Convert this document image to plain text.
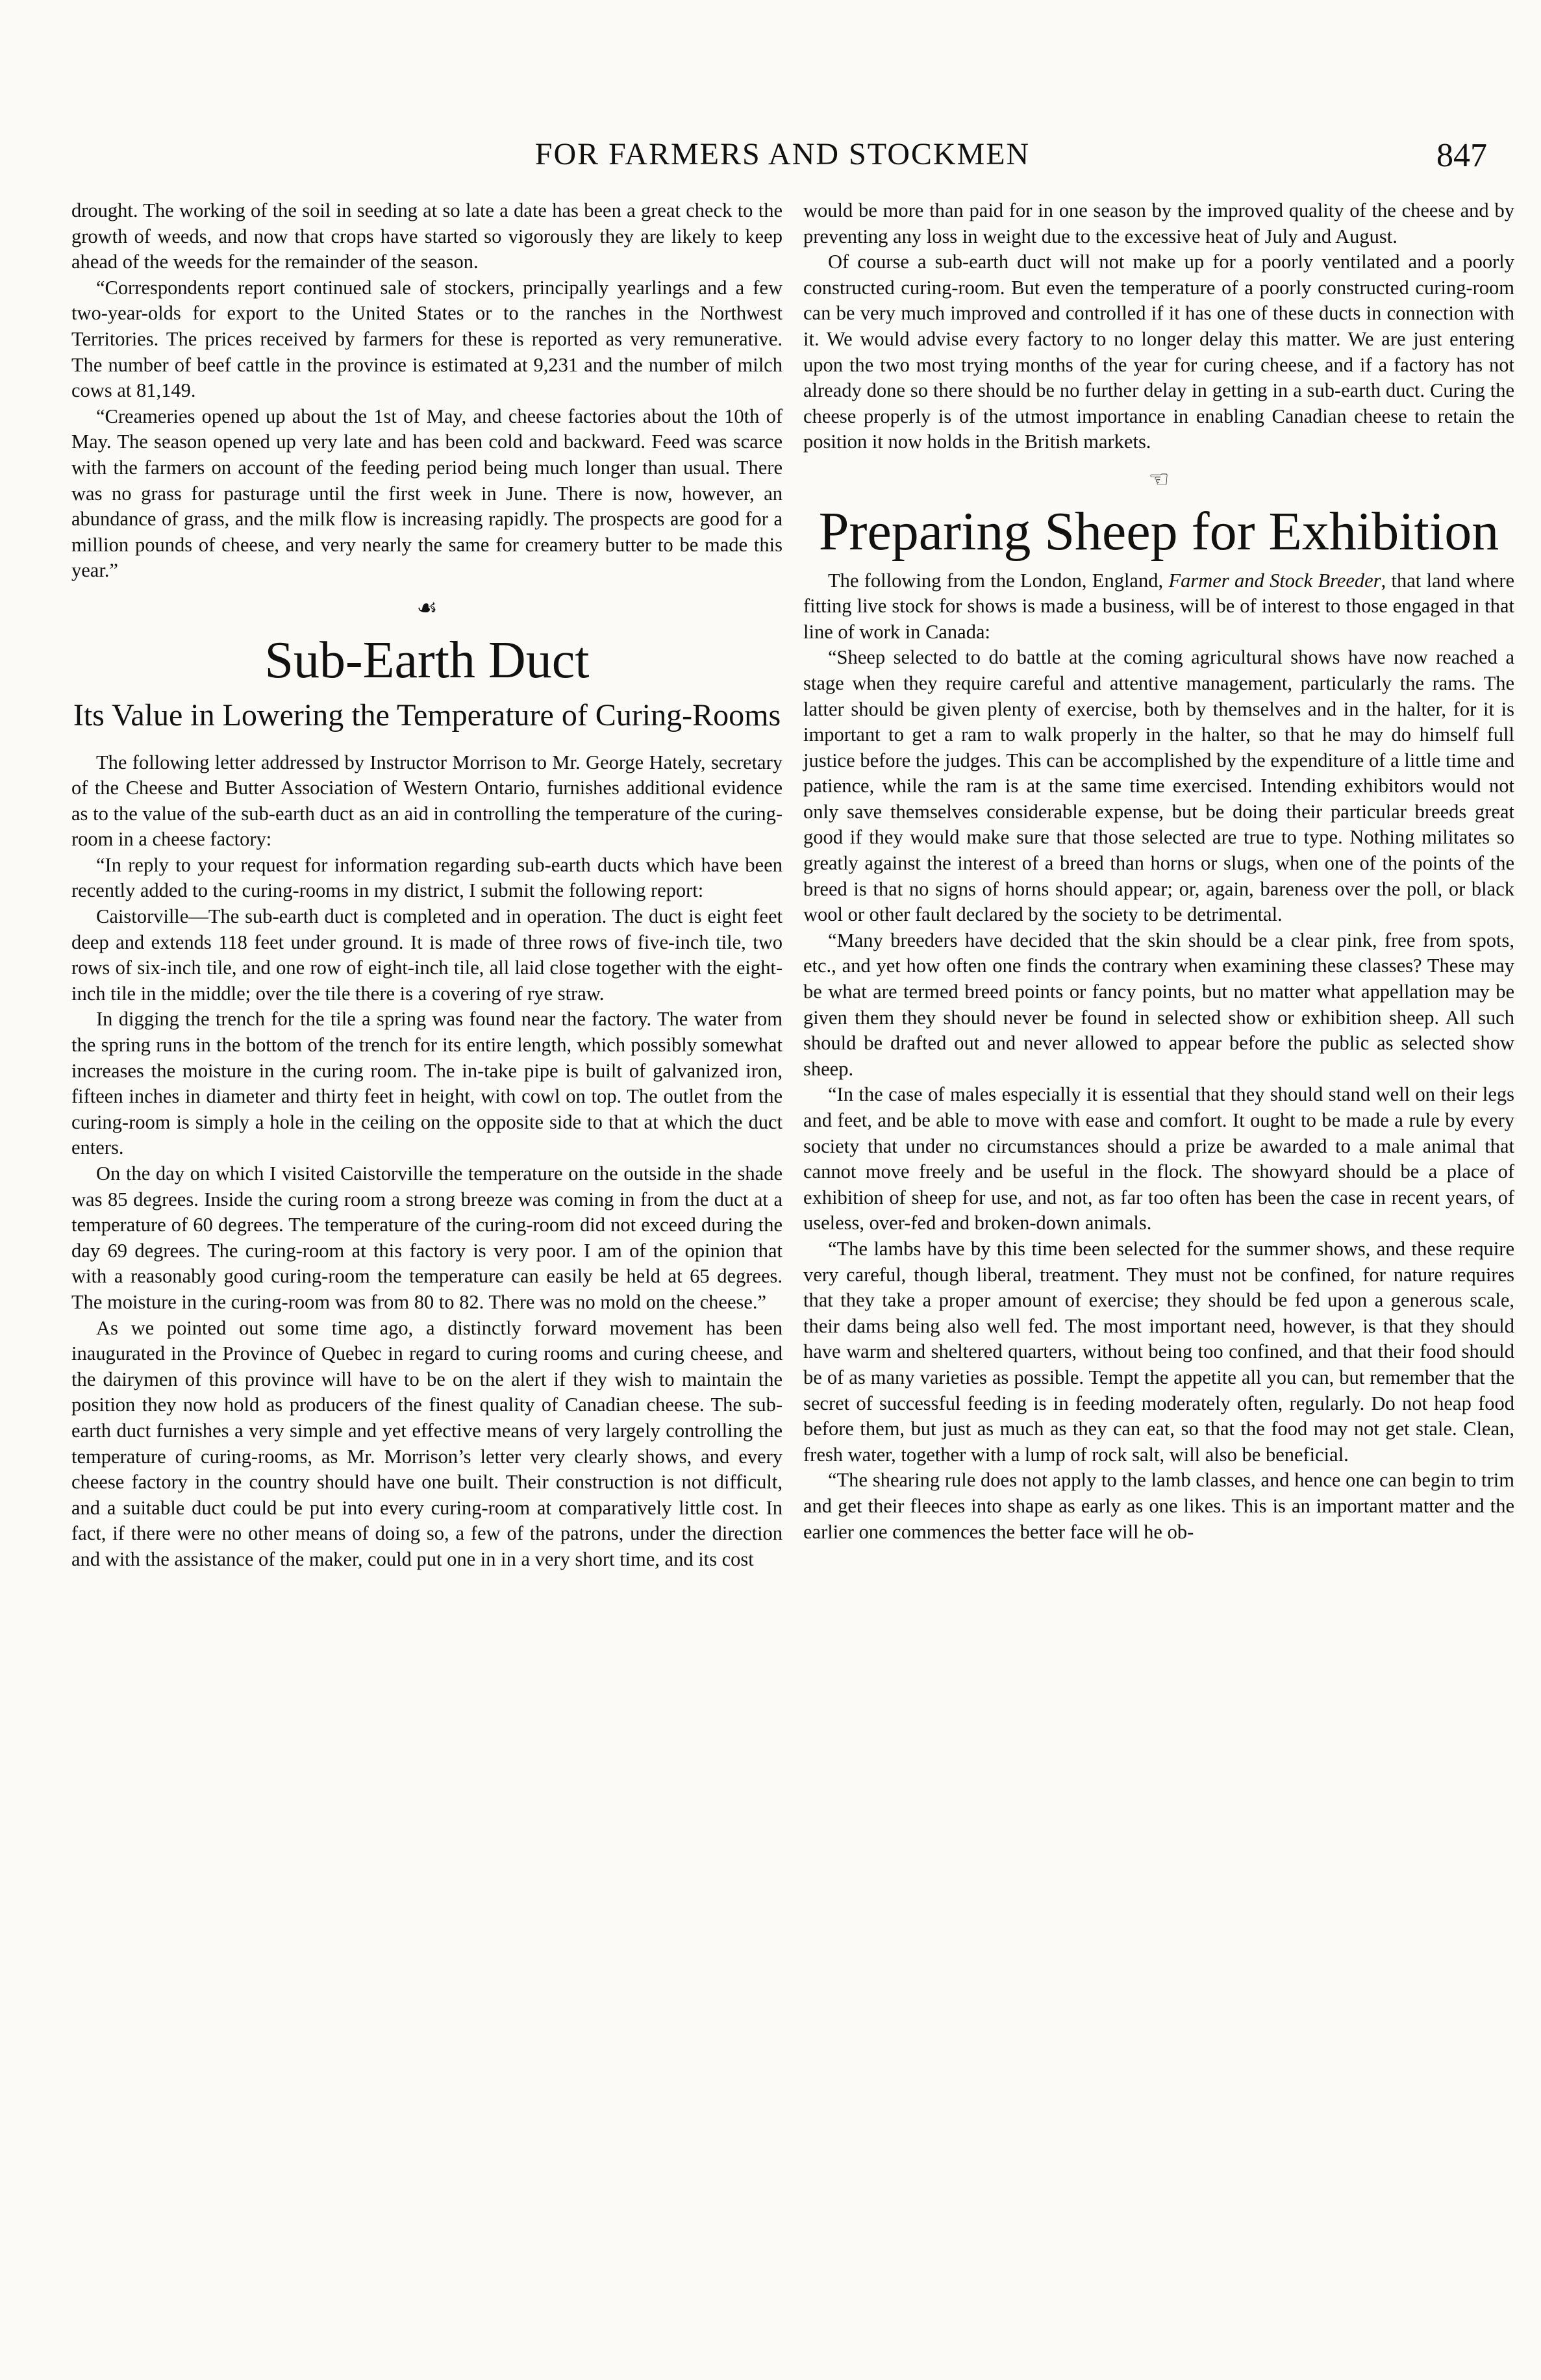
FOR FARMERS AND STOCKMEN	847

drought. The working of the soil in seeding at so late a date has been a great check to the growth of weeds, and now that crops have started so vigorously they are likely to keep ahead of the weeds for the remainder of the season.

“Correspondents report continued sale of stockers, principally yearlings and a few two-year-olds for export to the United States or to the ranches in the Northwest Territories. The prices received by farmers for these is reported as very remunerative. The number of beef cattle in the province is estimated at 9,231 and the number of milch cows at 81,149.

“Creameries opened up about the 1st of May, and cheese factories about the 10th of May. The season opened up very late and has been cold and backward. Feed was scarce with the farmers on account of the feeding period being much longer than usual. There was no grass for pasturage until the first week in June. There is now, however, an abundance of grass, and the milk flow is increasing rapidly. The prospects are good for a million pounds of cheese, and very nearly the same for creamery butter to be made this year.”

☙
Sub-Earth Duct
Its Value in Lowering the Temperature of Curing-Rooms

The following letter addressed by Instructor Morrison to Mr. George Hately, secretary of the Cheese and Butter Association of Western Ontario, furnishes additional evidence as to the value of the sub-earth duct as an aid in controlling the temperature of the curing-room in a cheese factory:

“In reply to your request for information regarding sub-earth ducts which have been recently added to the curing-rooms in my district, I submit the following report:

Caistorville—The sub-earth duct is completed and in operation. The duct is eight feet deep and extends 118 feet under ground. It is made of three rows of five-inch tile, two rows of six-inch tile, and one row of eight-inch tile, all laid close together with the eight-inch tile in the middle; over the tile there is a covering of rye straw.

In digging the trench for the tile a spring was found near the factory. The water from the spring runs in the bottom of the trench for its entire length, which possibly somewhat increases the moisture in the curing room. The in-take pipe is built of galvanized iron, fifteen inches in diameter and thirty feet in height, with cowl on top. The outlet from the curing-room is simply a hole in the ceiling on the opposite side to that at which the duct enters.

On the day on which I visited Caistorville the temperature on the outside in the shade was 85 degrees. Inside the curing room a strong breeze was coming in from the duct at a temperature of 60 degrees. The temperature of the curing-room did not exceed during the day 69 degrees. The curing-room at this factory is very poor. I am of the opinion that with a reasonably good curing-room the temperature can easily be held at 65 degrees. The moisture in the curing-room was from 80 to 82. There was no mold on the cheese.”

As we pointed out some time ago, a distinctly forward movement has been inaugurated in the Province of Quebec in regard to curing rooms and curing cheese, and the dairymen of this province will have to be on the alert if they wish to maintain the position they now hold as producers of the finest quality of Canadian cheese. The sub-earth duct furnishes a very simple and yet effective means of very largely controlling the temperature of curing-rooms, as Mr. Morrison’s letter very clearly shows, and every cheese factory in the country should have one built. Their construction is not difficult, and a suitable duct could be put into every curing-room at comparatively little cost. In fact, if there were no other means of doing so, a few of the patrons, under the direction and with the assistance of the maker, could put one in in a very short time, and its cost

would be more than paid for in one season by the improved quality of the cheese and by preventing any loss in weight due to the excessive heat of July and August.

Of course a sub-earth duct will not make up for a poorly ventilated and a poorly constructed curing-room. But even the temperature of a poorly constructed curing-room can be very much improved and controlled if it has one of these ducts in connection with it. We would advise every factory to no longer delay this matter. We are just entering upon the two most trying months of the year for curing cheese, and if a factory has not already done so there should be no further delay in getting in a sub-earth duct. Curing the cheese properly is of the utmost importance in enabling Canadian cheese to retain the position it now holds in the British markets.

☜
Preparing Sheep for Exhibition

The following from the London, England, Farmer and Stock Breeder, that land where fitting live stock for shows is made a business, will be of interest to those engaged in that line of work in Canada:

“Sheep selected to do battle at the coming agricultural shows have now reached a stage when they require careful and attentive management, particularly the rams. The latter should be given plenty of exercise, both by themselves and in the halter, for it is important to get a ram to walk properly in the halter, so that he may do himself full justice before the judges. This can be accomplished by the expenditure of a little time and patience, while the ram is at the same time exercised. Intending exhibitors would not only save themselves considerable expense, but be doing their particular breeds great good if they would make sure that those selected are true to type. Nothing militates so greatly against the interest of a breed than horns or slugs, when one of the points of the breed is that no signs of horns should appear; or, again, bareness over the poll, or black wool or other fault declared by the society to be detrimental.

“Many breeders have decided that the skin should be a clear pink, free from spots, etc., and yet how often one finds the contrary when examining these classes? These may be what are termed breed points or fancy points, but no matter what appellation may be given them they should never be found in selected show or exhibition sheep. All such should be drafted out and never allowed to appear before the public as selected show sheep.

“In the case of males especially it is essential that they should stand well on their legs and feet, and be able to move with ease and comfort. It ought to be made a rule by every society that under no circumstances should a prize be awarded to a male animal that cannot move freely and be useful in the flock. The showyard should be a place of exhibition of sheep for use, and not, as far too often has been the case in recent years, of useless, over-fed and broken-down animals.

“The lambs have by this time been selected for the summer shows, and these require very careful, though liberal, treatment. They must not be confined, for nature requires that they take a proper amount of exercise; they should be fed upon a generous scale, their dams being also well fed. The most important need, however, is that they should have warm and sheltered quarters, without being too confined, and that their food should be of as many varieties as possible. Tempt the appetite all you can, but remember that the secret of successful feeding is in feeding moderately often, regularly. Do not heap food before them, but just as much as they can eat, so that the food may not get stale. Clean, fresh water, together with a lump of rock salt, will also be beneficial.

“The shearing rule does not apply to the lamb classes, and hence one can begin to trim and get their fleeces into shape as early as one likes. This is an important matter and the earlier one commences the better face will he ob-
